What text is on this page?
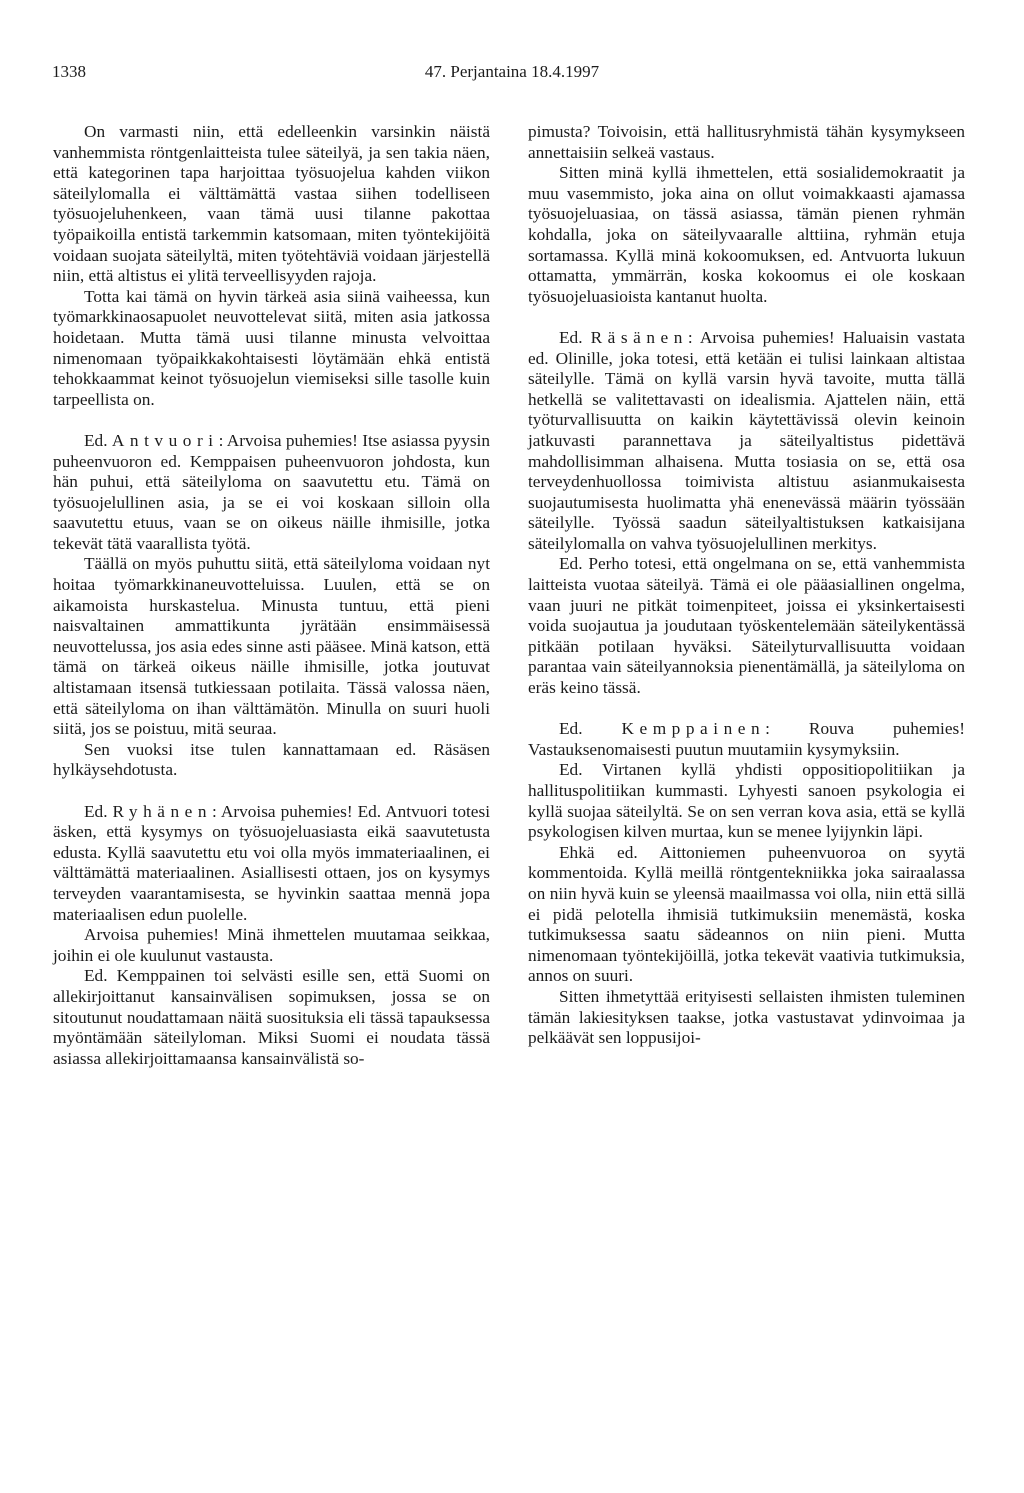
1338	47. Perjantaina 18.4.1997

On varmasti niin, että edelleenkin varsinkin näistä vanhemmista röntgenlaitteista tulee säteilyä, ja sen takia näen, että kategorinen tapa harjoittaa työsuojelua kahden viikon säteilylomalla ei välttämättä vastaa siihen todelliseen työsuojeluhenkeen, vaan tämä uusi tilanne pakottaa työpaikoilla entistä tarkemmin katsomaan, miten työntekijöitä voidaan suojata säteilyltä, miten työtehtäviä voidaan järjestellä niin, että altistus ei ylitä terveellisyyden rajoja.

Totta kai tämä on hyvin tärkeä asia siinä vaiheessa, kun työmarkkinaosapuolet neuvottelevat siitä, miten asia jatkossa hoidetaan. Mutta tämä uusi tilanne minusta velvoittaa nimenomaan työpaikkakohtaisesti löytämään ehkä entistä tehokkaammat keinot työsuojelun viemiseksi sille tasolle kuin tarpeellista on.

Ed. Antvuori: Arvoisa puhemies! Itse asiassa pyysin puheenvuoron ed. Kemppaisen puheenvuoron johdosta, kun hän puhui, että säteilyloma on saavutettu etu. Tämä on työsuojelullinen asia, ja se ei voi koskaan silloin olla saavutettu etuus, vaan se on oikeus näille ihmisille, jotka tekevät tätä vaarallista työtä.

Täällä on myös puhuttu siitä, että säteilyloma voidaan nyt hoitaa työmarkkinaneuvotteluissa. Luulen, että se on aikamoista hurskastelua. Minusta tuntuu, että pieni naisvaltainen ammattikunta jyrätään ensimmäisessä neuvottelussa, jos asia edes sinne asti pääsee. Minä katson, että tämä on tärkeä oikeus näille ihmisille, jotka joutuvat altistamaan itsensä tutkiessaan potilaita. Tässä valossa näen, että säteilyloma on ihan välttämätön. Minulla on suuri huoli siitä, jos se poistuu, mitä seuraa.

Sen vuoksi itse tulen kannattamaan ed. Räsäsen hylkäysehdotusta.

Ed. Ryhänen: Arvoisa puhemies! Ed. Antvuori totesi äsken, että kysymys on työsuojeluasiasta eikä saavutetusta edusta. Kyllä saavutettu etu voi olla myös immateriaalinen, ei välttämättä materiaalinen. Asiallisesti ottaen, jos on kysymys terveyden vaarantamisesta, se hyvinkin saattaa mennä jopa materiaalisen edun puolelle.

Arvoisa puhemies! Minä ihmettelen muutamaa seikkaa, joihin ei ole kuulunut vastausta.

Ed. Kemppainen toi selvästi esille sen, että Suomi on allekirjoittanut kansainvälisen sopimuksen, jossa se on sitoutunut noudattamaan näitä suosituksia eli tässä tapauksessa myöntämään säteilyloman. Miksi Suomi ei noudata tässä asiassa allekirjoittamaansa kansainvälistä so-

pimusta? Toivoisin, että hallitusryhmistä tähän kysymykseen annettaisiin selkeä vastaus.

Sitten minä kyllä ihmettelen, että sosialidemokraatit ja muu vasemmisto, joka aina on ollut voimakkaasti ajamassa työsuojeluasiaa, on tässä asiassa, tämän pienen ryhmän kohdalla, joka on säteilyvaaralle alttiina, ryhmän etuja sortamassa. Kyllä minä kokoomuksen, ed. Antvuorta lukuun ottamatta, ymmärrän, koska kokoomus ei ole koskaan työsuojeluasioista kantanut huolta.

Ed. Räsänen: Arvoisa puhemies! Haluaisin vastata ed. Olinille, joka totesi, että ketään ei tulisi lainkaan altistaa säteilylle. Tämä on kyllä varsin hyvä tavoite, mutta tällä hetkellä se valitettavasti on idealismia. Ajattelen näin, että työturvallisuutta on kaikin käytettävissä olevin keinoin jatkuvasti parannettava ja säteilyaltistus pidettävä mahdollisimman alhaisena. Mutta tosiasia on se, että osa terveydenhuollossa toimivista altistuu asianmukaisesta suojautumisesta huolimatta yhä enenevässä määrin työssään säteilylle. Työssä saadun säteilyaltistuksen katkaisijana säteilylomalla on vahva työsuojelullinen merkitys.

Ed. Perho totesi, että ongelmana on se, että vanhemmista laitteista vuotaa säteilyä. Tämä ei ole pääasiallinen ongelma, vaan juuri ne pitkät toimenpiteet, joissa ei yksinkertaisesti voida suojautua ja joudutaan työskentelemään säteilykentässä pitkään potilaan hyväksi. Säteilyturvallisuutta voidaan parantaa vain säteilyannoksia pienentämällä, ja säteilyloma on eräs keino tässä.

Ed. Kemppainen: Rouva puhemies! Vastauksenomaisesti puutun muutamiin kysymyksiin.

Ed. Virtanen kyllä yhdisti oppositiopolitiikan ja hallituspolitiikan kummasti. Lyhyesti sanoen psykologia ei kyllä suojaa säteilyltä. Se on sen verran kova asia, että se kyllä psykologisen kilven murtaa, kun se menee lyijynkin läpi.

Ehkä ed. Aittoniemen puheenvuoroa on syytä kommentoida. Kyllä meillä röntgentekniikka joka sairaalassa on niin hyvä kuin se yleensä maailmassa voi olla, niin että sillä ei pidä pelotella ihmisiä tutkimuksiin menemästä, koska tutkimuksessa saatu sädeannos on niin pieni. Mutta nimenomaan työntekijöillä, jotka tekevät vaativia tutkimuksia, annos on suuri.

Sitten ihmetyttää erityisesti sellaisten ihmisten tuleminen tämän lakiesityksen taakse, jotka vastustavat ydinvoimaa ja pelkäävät sen loppusijoi-
